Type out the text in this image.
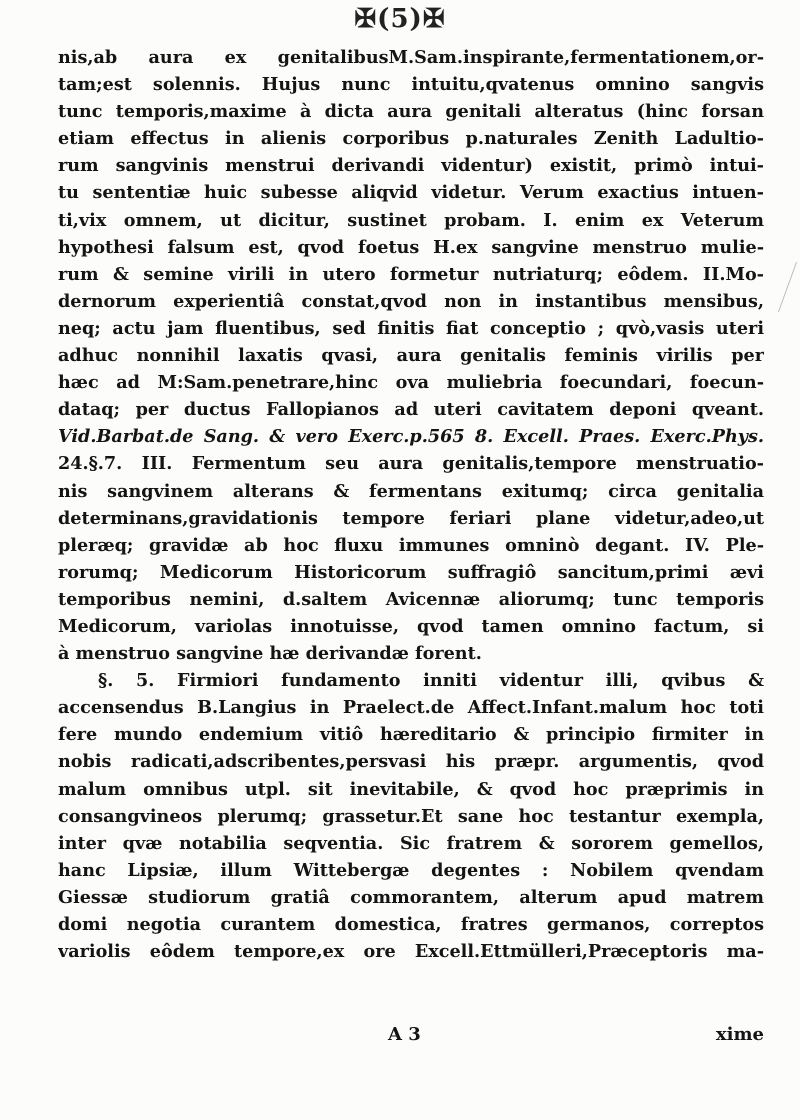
✠(5)✠
nis,ab aura ex genitalibusM.Sam.inspirante,fermentationem,or-
tam;est solennis. Hujus nunc intuitu,qvatenus omnino sangvis
tunc temporis,maxime à dicta aura genitali alteratus (hinc forsan
etiam effectus in alienis corporibus p.naturales Zenith Ladultio-
rum sangvinis menstrui derivandi videntur) existit, primò intui-
tu sententiæ huic subesse aliqvid videtur. Verum exactius intuen-
ti,vix omnem, ut dicitur, sustinet probam. I. enim ex Veterum
hypothesi falsum est, qvod foetus H.ex sangvine menstruo mulie-
rum & semine virili in utero formetur nutriaturq; eôdem. II.Mo-
dernorum experientiâ constat,qvod non in instantibus mensibus,
neq; actu jam fluentibus, sed finitis fiat conceptio ; qvò,vasis uteri
adhuc nonnihil laxatis qvasi, aura genitalis feminis virilis per
hæc ad M:Sam.penetrare,hinc ova muliebria foecundari, foecun-
dataq; per ductus Fallopianos ad uteri cavitatem deponi qveant.
Vid.Barbat.de Sang. & vero Exerc.p.565 8. Excell. Praes. Exerc.Phys.
24.§.7. III. Fermentum seu aura genitalis,tempore menstruatio-
nis sangvinem alterans & fermentans exitumq; circa genitalia
determinans,gravidationis tempore feriari plane videtur,adeo,ut
pleræq; gravidæ ab hoc fluxu immunes omninò degant. IV. Ple-
rorumq; Medicorum Historicorum suffragiô sancitum,primi ævi
temporibus nemini, d.saltem Avicennæ aliorumq; tunc temporis
Medicorum, variolas innotuisse, qvod tamen omnino factum, si
à menstruo sangvine hæ derivandæ forent.
§. 5. Firmiori fundamento inniti videntur illi, qvibus &
accensendus B.Langius in Praelect.de Affect.Infant.malum hoc toti
fere mundo endemium vitiô hæreditario & principio firmiter in
nobis radicati,adscribentes,persvasi his præpr. argumentis, qvod
malum omnibus utpl. sit inevitabile, & qvod hoc præprimis in
consangvineos plerumq; grassetur.Et sane hoc testantur exempla,
inter qvæ notabilia seqventia. Sic fratrem & sororem gemellos,
hanc Lipsiæ, illum Wittebergæ degentes : Nobilem qvendam
Giessæ studiorum gratiâ commorantem, alterum apud matrem
domi negotia curantem domestica, fratres germanos, correptos
variolis eôdem tempore,ex ore Excell.Ettmülleri,Præceptoris ma-
A 3	xime
